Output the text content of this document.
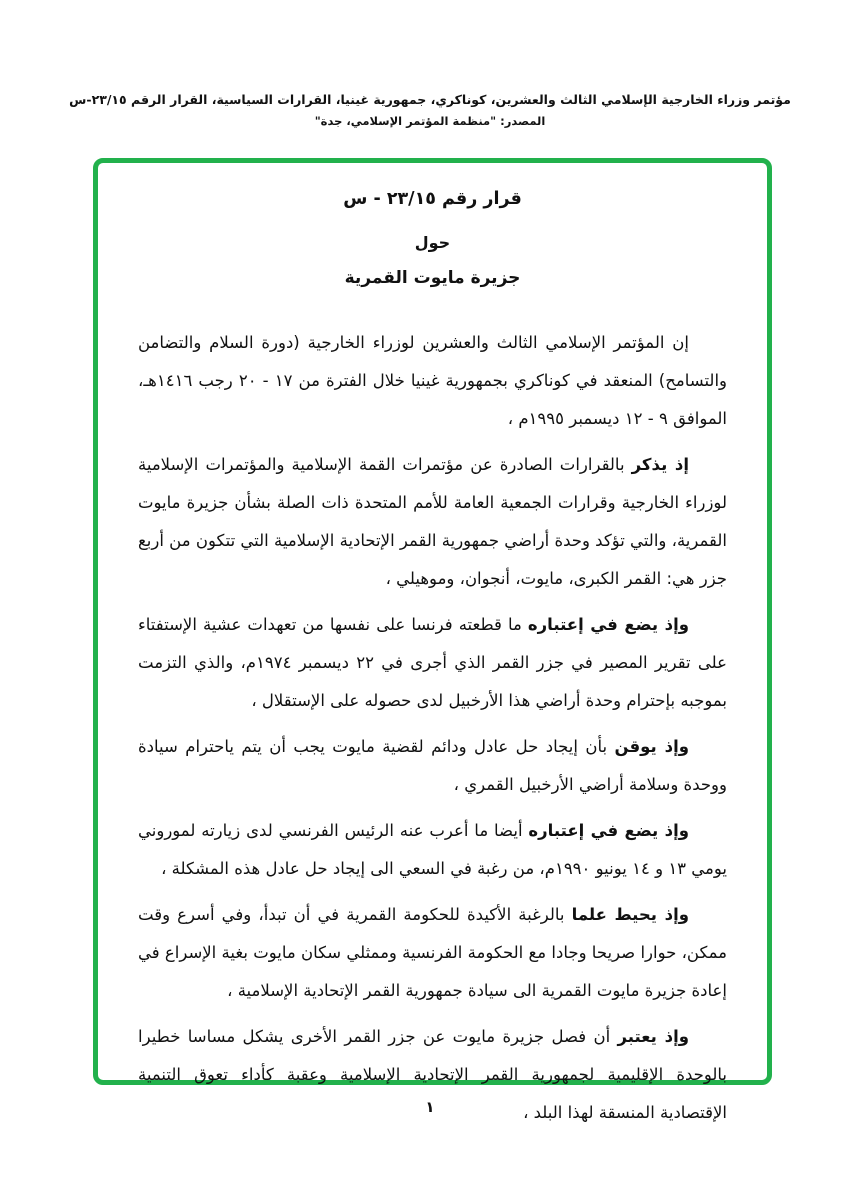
مؤتمر وزراء الخارجية الإسلامي الثالث والعشرين، كوناكري، جمهورية غينيا، القرارات السياسية، القرار الرقم ٢٣/١٥-س
المصدر: "منظمة المؤتمر الإسلامي، جدة"
قرار رقم ٢٣/١٥ - س
حول
جزيرة مايوت القمرية

إن المؤتمر الإسلامي الثالث والعشرين لوزراء الخارجية (دورة السلام والتضامن والتسامح) المنعقد في كوناكري بجمهورية غينيا خلال الفترة من ١٧ - ٢٠ رجب ١٤١٦هـ، الموافق ٩ - ١٢ ديسمبر ١٩٩٥م ،

إذ يذكر بالقرارات الصادرة عن مؤتمرات القمة الإسلامية والمؤتمرات الإسلامية لوزراء الخارجية وقرارات الجمعية العامة للأمم المتحدة ذات الصلة بشأن جزيرة مايوت القمرية، والتي تؤكد وحدة أراضي جمهورية القمر الإتحادية الإسلامية التي تتكون من أربع جزر هي: القمر الكبرى، مايوت، أنجوان، وموهيلي ،

وإذ يضع في إعتباره ما قطعته فرنسا على نفسها من تعهدات عشية الإستفتاء على تقرير المصير في جزر القمر الذي أجرى في ٢٢ ديسمبر ١٩٧٤م، والذي التزمت بموجبه بإحترام وحدة أراضي هذا الأرخبيل لدى حصوله على الإستقلال ،

وإذ يوقن بأن إيجاد حل عادل ودائم لقضية مايوت يجب أن يتم ياحترام سيادة ووحدة وسلامة أراضي الأرخبيل القمري ،

وإذ يضع في إعتباره أيضا ما أعرب عنه الرئيس الفرنسي لدى زيارته لموروني يومي ١٣ و ١٤ يونيو ١٩٩٠م، من رغبة في السعي الى إيجاد حل عادل هذه المشكلة ،

وإذ يحيط علما بالرغبة الأكيدة للحكومة القمرية في أن تبدأ، وفي أسرع وقت ممكن، حوارا صريحا وجادا مع الحكومة الفرنسية وممثلي سكان مايوت بغية الإسراع في إعادة جزيرة مايوت القمرية الى سيادة جمهورية القمر الإتحادية الإسلامية ،

وإذ يعتبر أن فصل جزيرة مايوت عن جزر القمر الأخرى يشكل مساسا خطيرا بالوحدة الإقليمية لجمهورية القمر الإتحادية الإسلامية وعقبة كأداء تعوق التنمية الإقتصادية المنسقة لهذا البلد ،

١
